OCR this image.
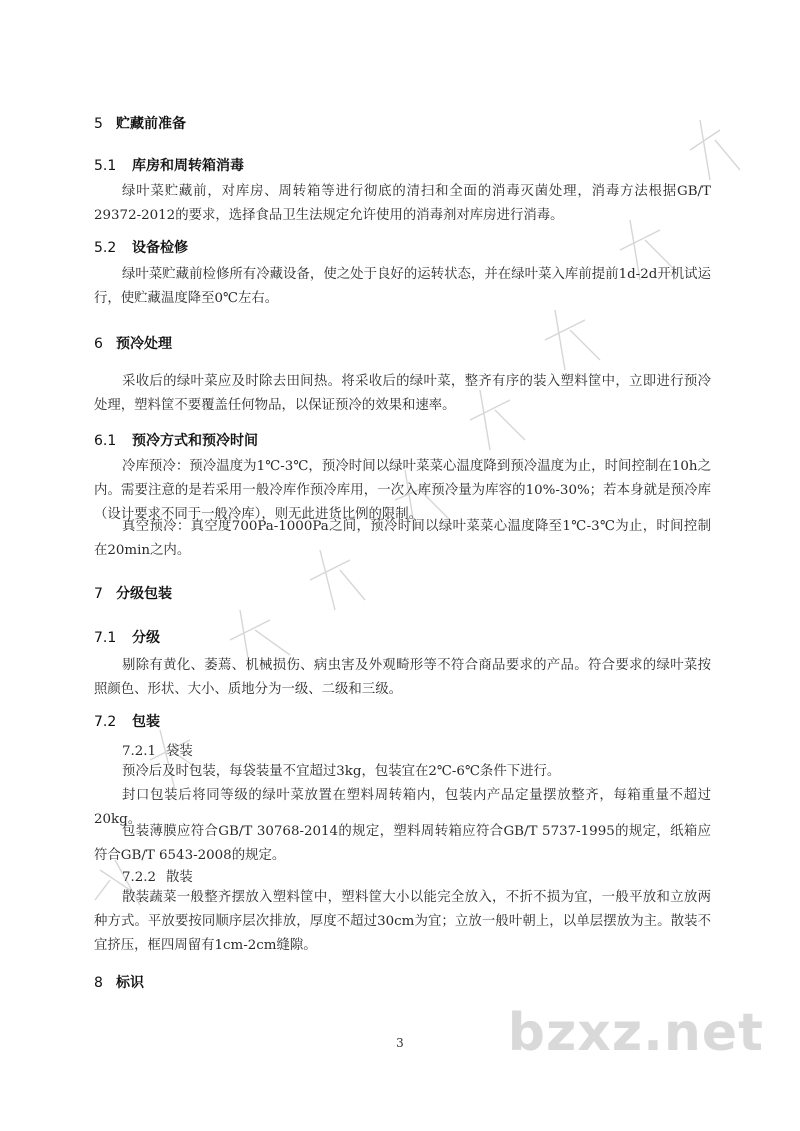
5 贮藏前准备
5.1 库房和周转箱消毒

绿叶菜贮藏前，对库房、周转箱等进行彻底的清扫和全面的消毒灭菌处理，消毒方法根据GB/T 29372-2012的要求，选择食品卫生法规定允许使用的消毒剂对库房进行消毒。

5.2 设备检修

绿叶菜贮藏前检修所有冷藏设备，使之处于良好的运转状态，并在绿叶菜入库前提前1d-2d开机试运行，使贮藏温度降至0℃左右。

6 预冷处理

采收后的绿叶菜应及时除去田间热。将采收后的绿叶菜，整齐有序的装入塑料筐中，立即进行预冷处理，塑料筐不要覆盖任何物品，以保证预冷的效果和速率。

6.1 预冷方式和预冷时间

冷库预冷：预冷温度为1℃-3℃，预冷时间以绿叶菜菜心温度降到预冷温度为止，时间控制在10h之内。需要注意的是若采用一般冷库作预冷库用，一次入库预冷量为库容的10%-30%；若本身就是预冷库（设计要求不同于一般冷库），则无此进货比例的限制。

真空预冷：真空度700Pa-1000Pa之间，预冷时间以绿叶菜菜心温度降至1℃-3℃为止，时间控制在20min之内。

7 分级包装
7.1 分级

剔除有黄化、萎蔫、机械损伤、病虫害及外观畸形等不符合商品要求的产品。符合要求的绿叶菜按照颜色、形状、大小、质地分为一级、二级和三级。

7.2 包装
7.2.1 袋装

预冷后及时包装，每袋装量不宜超过3kg，包装宜在2℃-6℃条件下进行。

封口包装后将同等级的绿叶菜放置在塑料周转箱内，包装内产品定量摆放整齐，每箱重量不超过20kg。

包装薄膜应符合GB/T 30768-2014的规定，塑料周转箱应符合GB/T 5737-1995的规定，纸箱应符合GB/T 6543-2008的规定。

7.2.2 散装

散装蔬菜一般整齐摆放入塑料筐中，塑料筐大小以能完全放入，不折不损为宜，一般平放和立放两种方式。平放要按同顺序层次排放，厚度不超过30cm为宜；立放一般叶朝上，以单层摆放为主。散装不宜挤压，框四周留有1cm-2cm缝隙。

8 标识
3	bzxz.net
